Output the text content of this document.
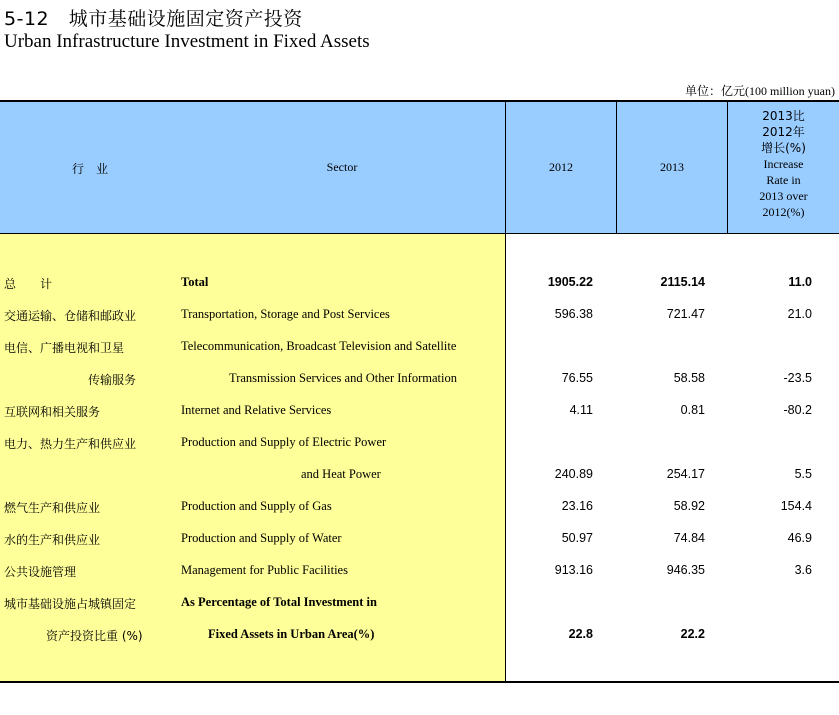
5-12 城市基础设施固定资产投资
Urban Infrastructure Investment in Fixed Assets
单位：亿元(100 million yuan)
行　业	Sector	2012	2013
2013比
2012年
增长(%)
Increase
Rate in
2013 over
2012(%)
总　　计	Total	1905.22	2115.14	11.0
交通运输、仓储和邮政业	Transportation, Storage and Post Services	596.38	721.47	21.0
电信、广播电视和卫星	Telecommunication, Broadcast Television and Satellite
传输服务	Transmission Services and Other Information	76.55	58.58	-23.5
互联网和相关服务	Internet and Relative Services	4.11	0.81	-80.2
电力、热力生产和供应业	Production and Supply of Electric Power
and Heat Power	240.89	254.17	5.5
燃气生产和供应业	Production and Supply of Gas	23.16	58.92	154.4
水的生产和供应业	Production and Supply of Water	50.97	74.84	46.9
公共设施管理	Management for Public Facilities	913.16	946.35	3.6
城市基础设施占城镇固定	As Percentage of Total Investment in
资产投资比重 (%)	Fixed Assets in Urban Area(%)	22.8	22.2
